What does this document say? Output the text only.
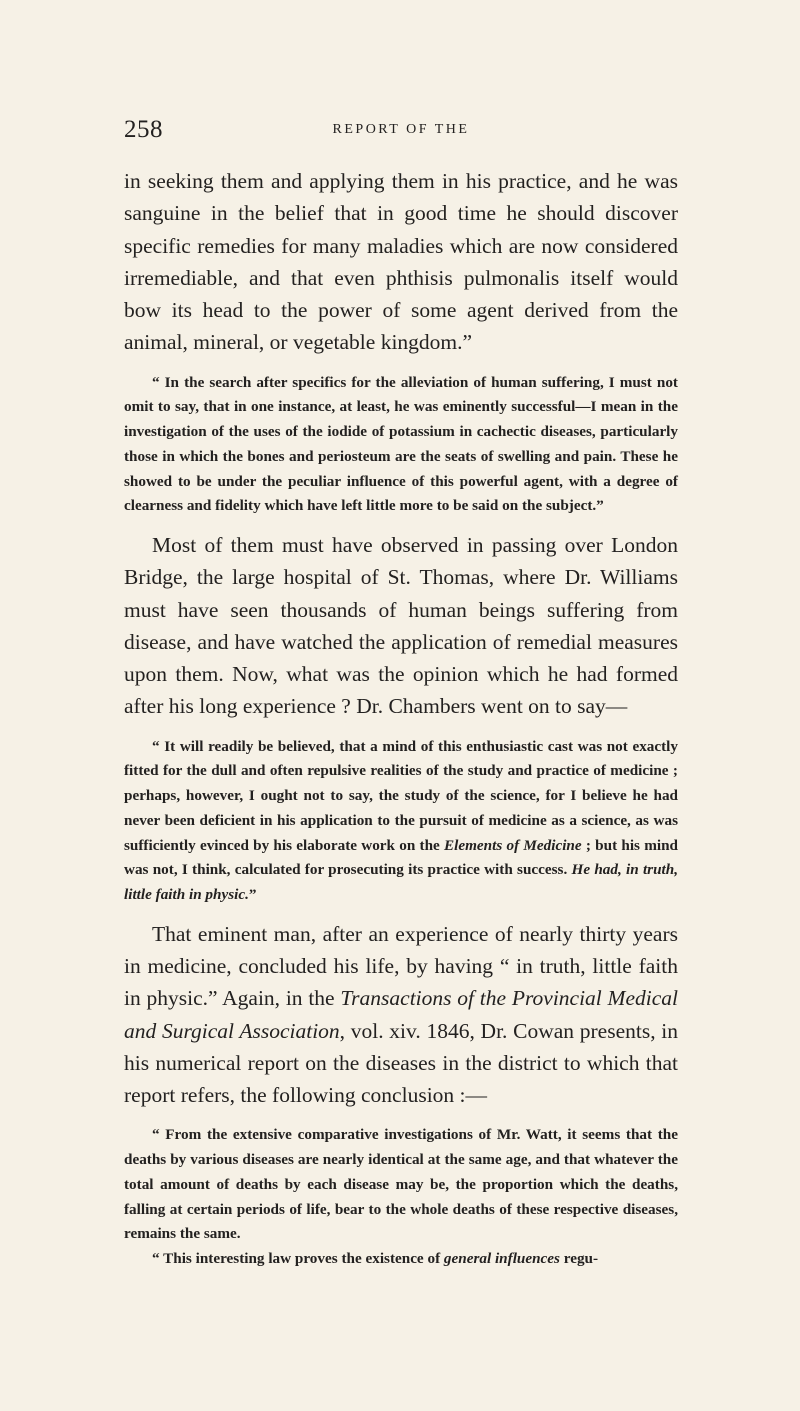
258	REPORT OF THE

in seeking them and applying them in his practice, and he was sanguine in the belief that in good time he should discover specific remedies for many maladies which are now considered irremediable, and that even phthisis pulmonalis itself would bow its head to the power of some agent derived from the animal, mineral, or vegetable kingdom.”

“ In the search after specifics for the alleviation of human suffering, I must not omit to say, that in one instance, at least, he was eminently successful—I mean in the investigation of the uses of the iodide of potassium in cachectic diseases, particularly those in which the bones and periosteum are the seats of swelling and pain. These he showed to be under the peculiar influence of this powerful agent, with a degree of clearness and fidelity which have left little more to be said on the subject.”

Most of them must have observed in passing over London Bridge, the large hospital of St. Thomas, where Dr. Williams must have seen thousands of human beings suffering from disease, and have watched the application of remedial measures upon them. Now, what was the opinion which he had formed after his long experience ? Dr. Chambers went on to say—

“ It will readily be believed, that a mind of this enthusiastic cast was not exactly fitted for the dull and often repulsive realities of the study and practice of medicine ; perhaps, however, I ought not to say, the study of the science, for I believe he had never been deficient in his application to the pursuit of medicine as a science, as was sufficiently evinced by his elaborate work on the Elements of Medicine ; but his mind was not, I think, calculated for prosecuting its practice with success. He had, in truth, little faith in physic.”

That eminent man, after an experience of nearly thirty years in medicine, concluded his life, by having “ in truth, little faith in physic.” Again, in the Transactions of the Provincial Medical and Surgical Association, vol. xiv. 1846, Dr. Cowan presents, in his numerical report on the diseases in the district to which that report refers, the following conclusion :—

“ From the extensive comparative investigations of Mr. Watt, it seems that the deaths by various diseases are nearly identical at the same age, and that whatever the total amount of deaths by each disease may be, the proportion which the deaths, falling at certain periods of life, bear to the whole deaths of these respective diseases, remains the same.

“ This interesting law proves the existence of general influences regu-
